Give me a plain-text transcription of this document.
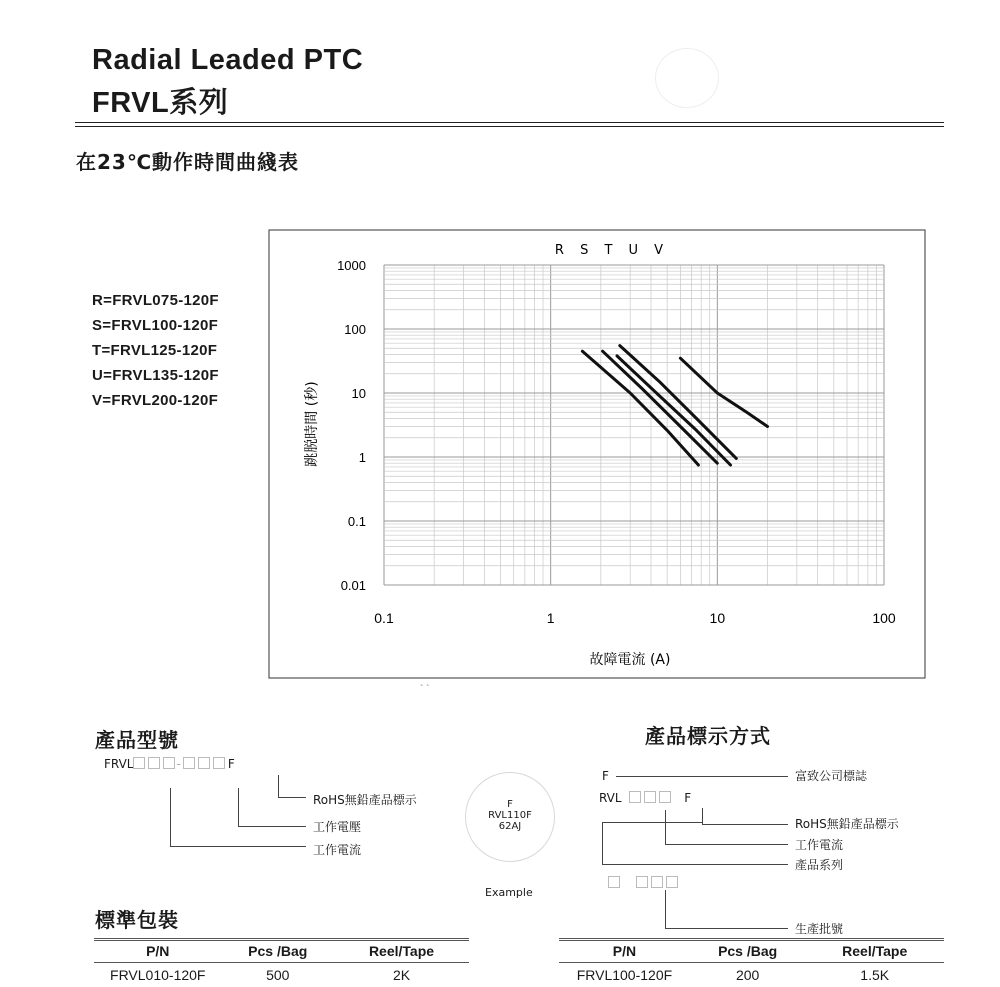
Radial Leaded PTC
FRVL系列
在23℃動作時間曲綫表
R=FRVL075-120F
S=FRVL100-120F
T=FRVL125-120F
U=FRVL135-120F
V=FRVL200-120F
0.1	1	10	100
1000
100
10
1
0.1
0.01
R S T U V
故障電流 (A)
跳脱時間 (秒)
` `
產品型號
FRVL	-	F
RoHS無鉛產品標示
工作電壓
工作電流
F
RVL110F
62AJ
Example
產品標示方式
F	富致公司標誌
RVL	F
RoHS無鉛產品標示
工作電流
產品系列
生產批號
標準包裝
P/N	Pcs /Bag	Reel/Tape
FRVL010-120F	500	2K
P/N	Pcs /Bag	Reel/Tape
FRVL100-120F	200	1.5K
